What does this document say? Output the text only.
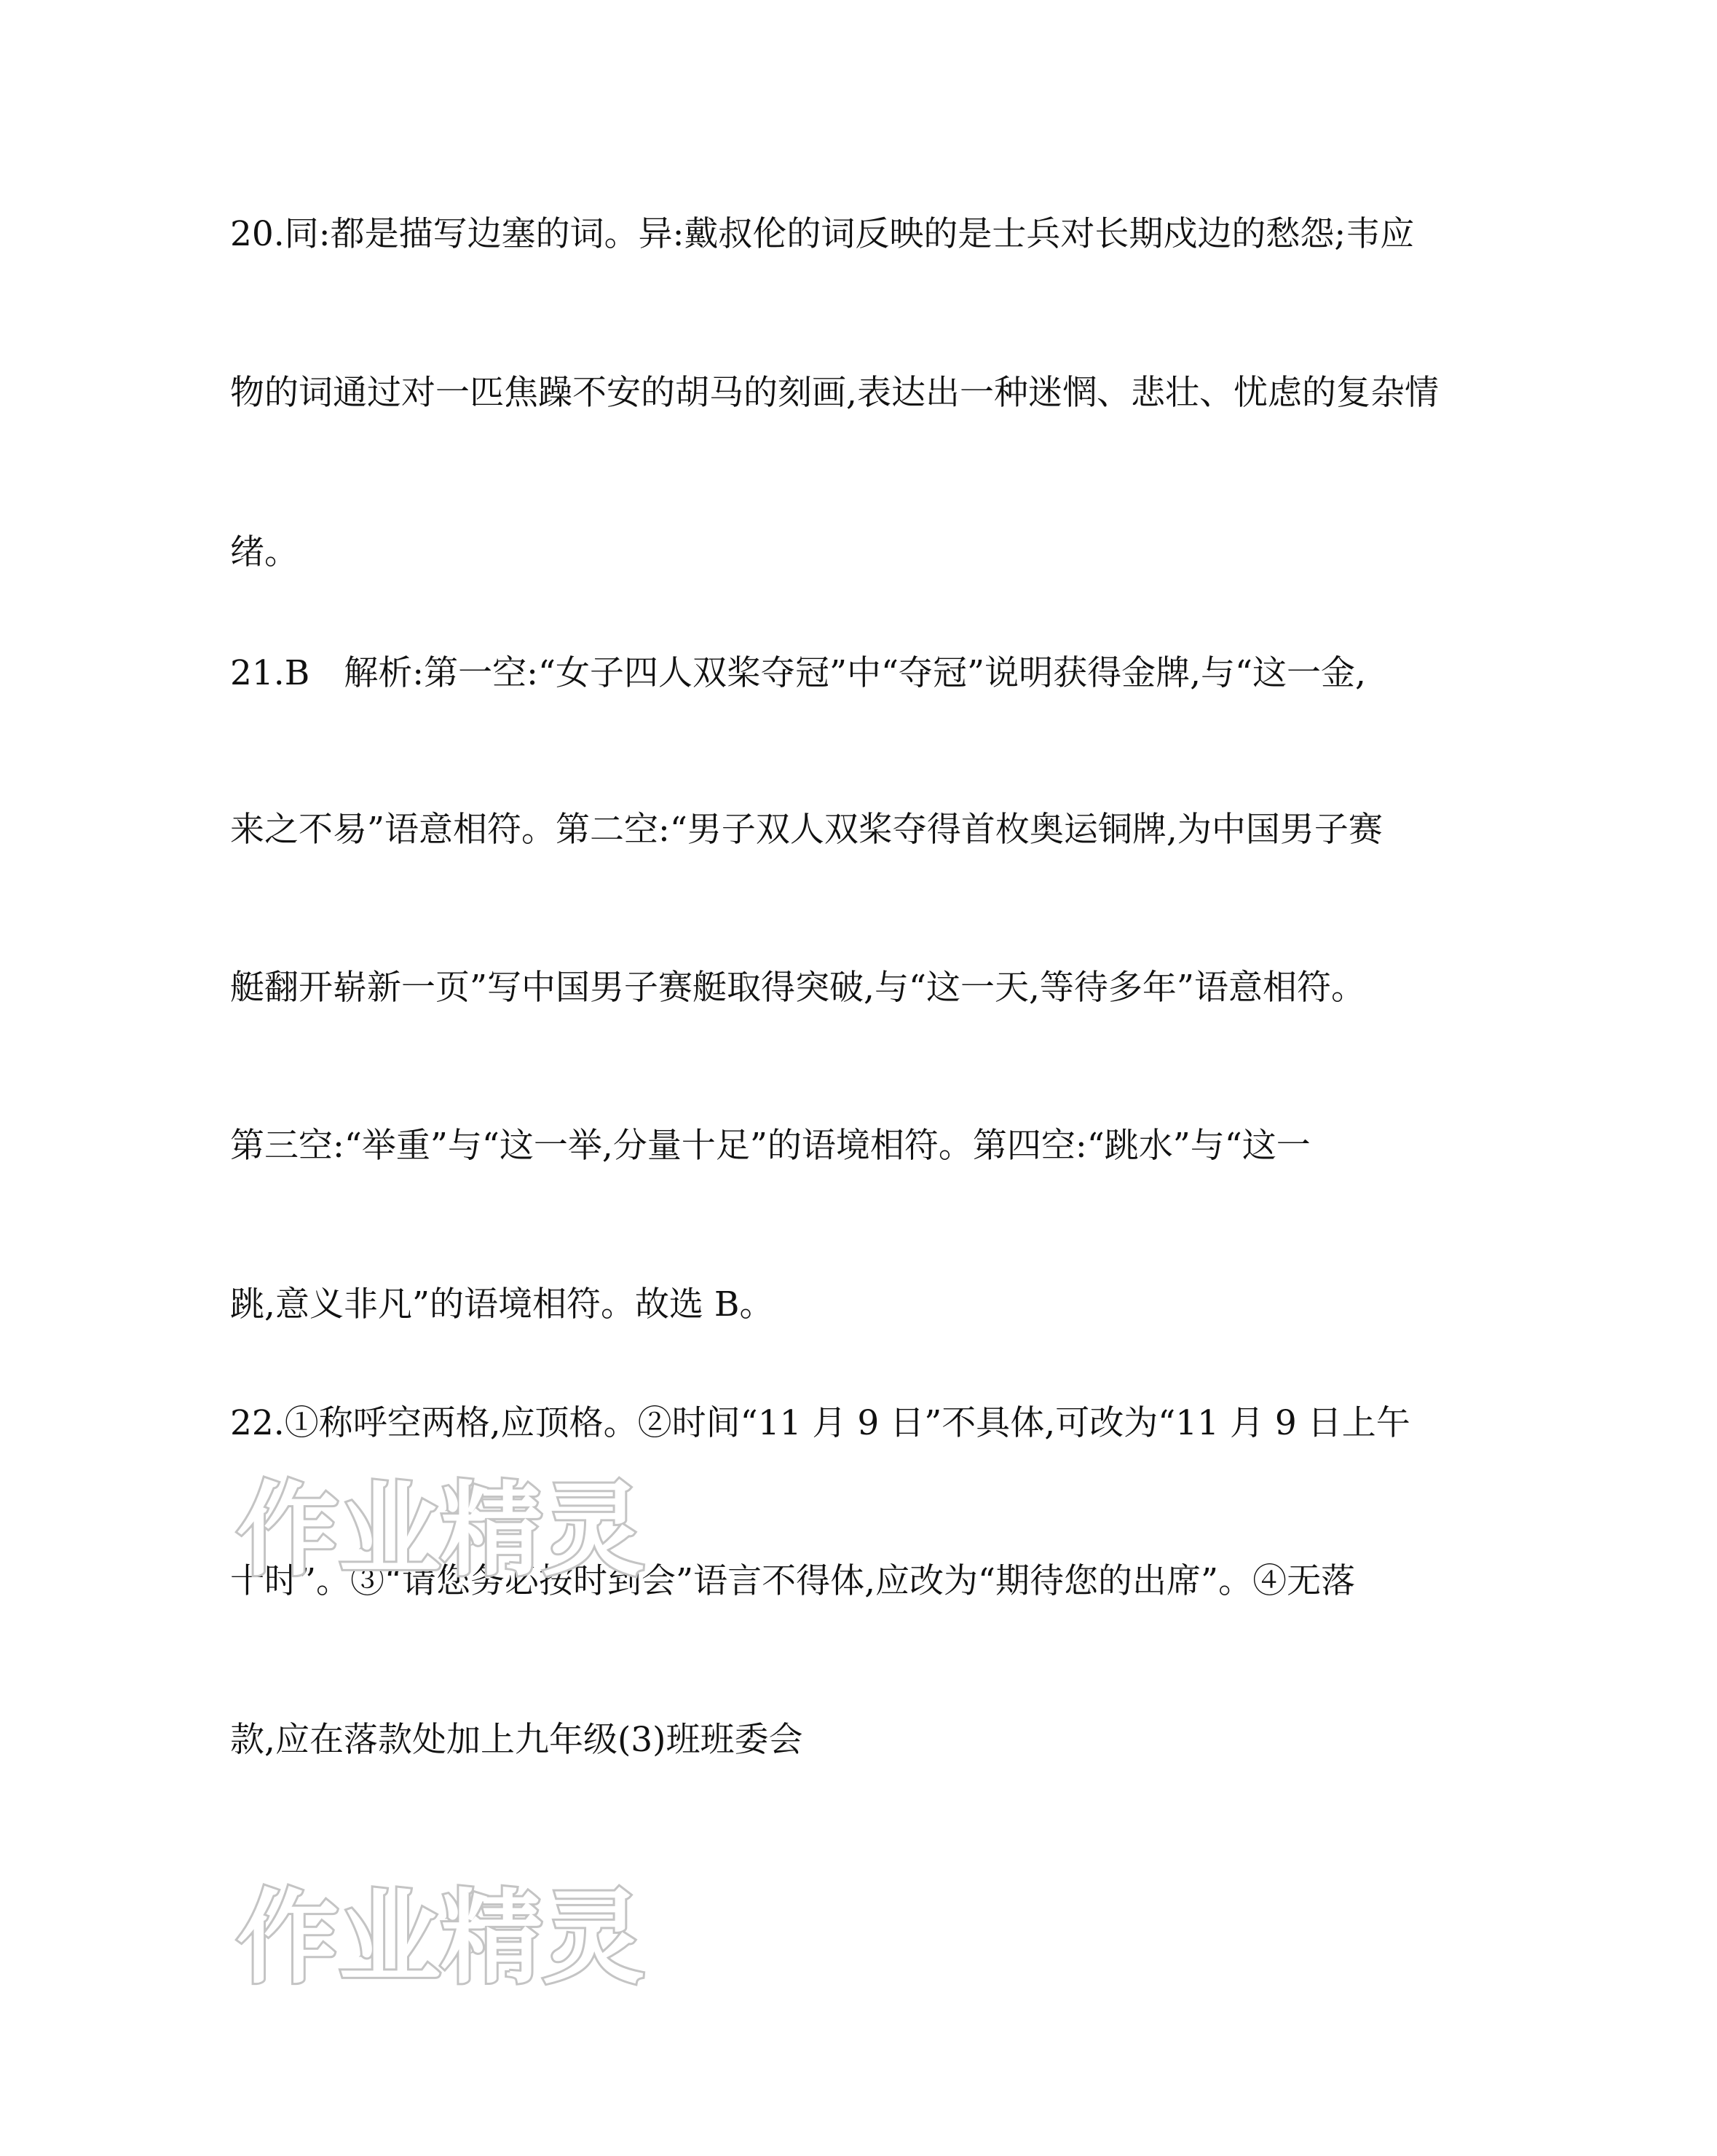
20.同:都是描写边塞的词。异:戴叔伦的词反映的是士兵对长期戍边的愁怨;韦应
物的词通过对一匹焦躁不安的胡马的刻画,表达出一种迷惘、悲壮、忧虑的复杂情
绪。
21.B　解析:第一空:“女子四人双桨夺冠”中“夺冠”说明获得金牌,与“这一金,
来之不易”语意相符。第二空:“男子双人双桨夺得首枚奥运铜牌,为中国男子赛
艇翻开崭新一页”写中国男子赛艇取得突破,与“这一天,等待多年”语意相符。
第三空:“举重”与“这一举,分量十足”的语境相符。第四空:“跳水”与“这一
跳,意义非凡”的语境相符。故选 B。
22.①称呼空两格,应顶格。②时间“11 月 9 日”不具体,可改为“11 月 9 日上午
十时”。③“请您务必按时到会”语言不得体,应改为“期待您的出席”。④无落
款,应在落款处加上九年级(3)班班委会
作业精灵
作业精灵
